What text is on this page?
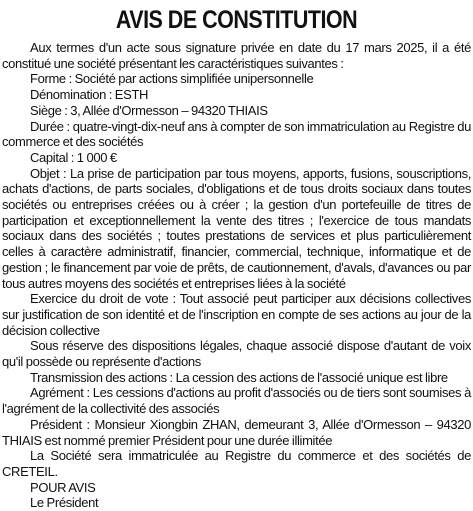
AVIS DE CONSTITUTION

Aux termes d'un acte sous signature privée en date du 17 mars 2025, il a été constitué une société présentant les caractéristiques suivantes :

Forme : Société par actions simplifiée unipersonnelle

Dénomination : ESTH

Siège : 3, Allée d'Ormesson – 94320 THIAIS

Durée : quatre-vingt-dix-neuf ans à compter de son immatriculation au Registre du commerce et des sociétés

Capital : 1 000 €

Objet : La prise de participation par tous moyens, apports, fusions, souscriptions, achats d'actions, de parts sociales, d'obligations et de tous droits sociaux dans toutes sociétés ou entreprises créées ou à créer ; la gestion d'un portefeuille de titres de participation et exceptionnellement la vente des titres ; l'exercice de tous mandats sociaux dans des sociétés ; toutes prestations de services et plus particulièrement celles à caractère administratif, financier, commercial, technique, informatique et de gestion ; le financement par voie de prêts, de cautionnement, d'avals, d'avances ou par tous autres moyens des sociétés et entreprises liées à la société

Exercice du droit de vote : Tout associé peut participer aux décisions collectives sur justification de son identité et de l'inscription en compte de ses actions au jour de la décision collective

Sous réserve des dispositions légales, chaque associé dispose d'autant de voix qu'il possède ou représente d'actions

Transmission des actions : La cession des actions de l'associé unique est libre

Agrément : Les cessions d'actions au profit d'associés ou de tiers sont soumises à l'agrément de la collectivité des associés

Président : Monsieur Xiongbin ZHAN, demeurant 3, Allée d'Ormesson – 94320 THIAIS est nommé premier Président pour une durée illimitée

La Société sera immatriculée au Registre du commerce et des sociétés de CRETEIL.

POUR AVIS

Le Président
